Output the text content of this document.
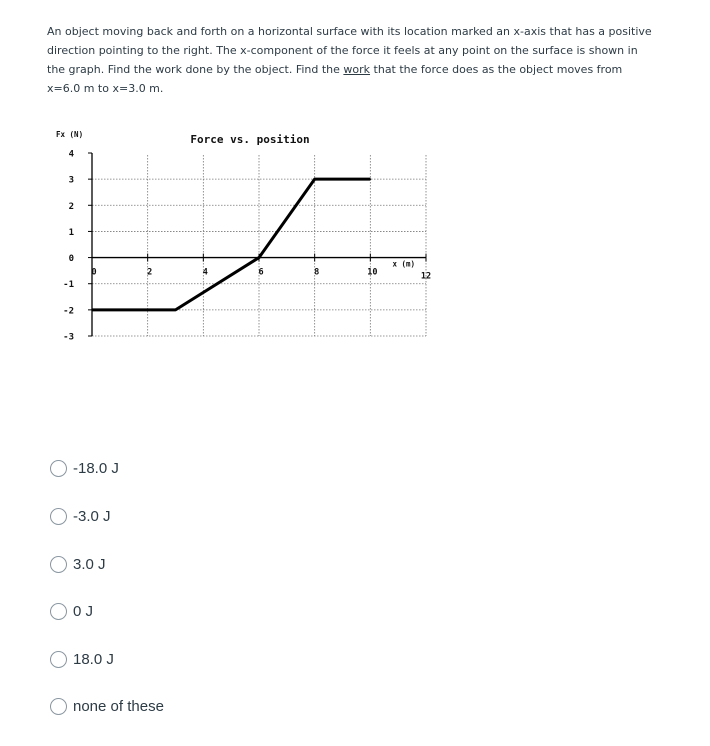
An object moving back and forth on a horizontal surface with its location marked an x-axis that has a positive direction pointing to the right. The x-component of the force it feels at any point on the surface is shown in the graph. Find the work done by the object. Find the work that the force does as the object moves from x=6.0 m to x=3.0 m.
4
3
2
1
0
-1
-2
-3
0	2	4	6	8	10	12
Force vs. position
Fx (N)
x (m)
-18.0 J
-3.0 J
3.0 J
0 J
18.0 J
none of these
